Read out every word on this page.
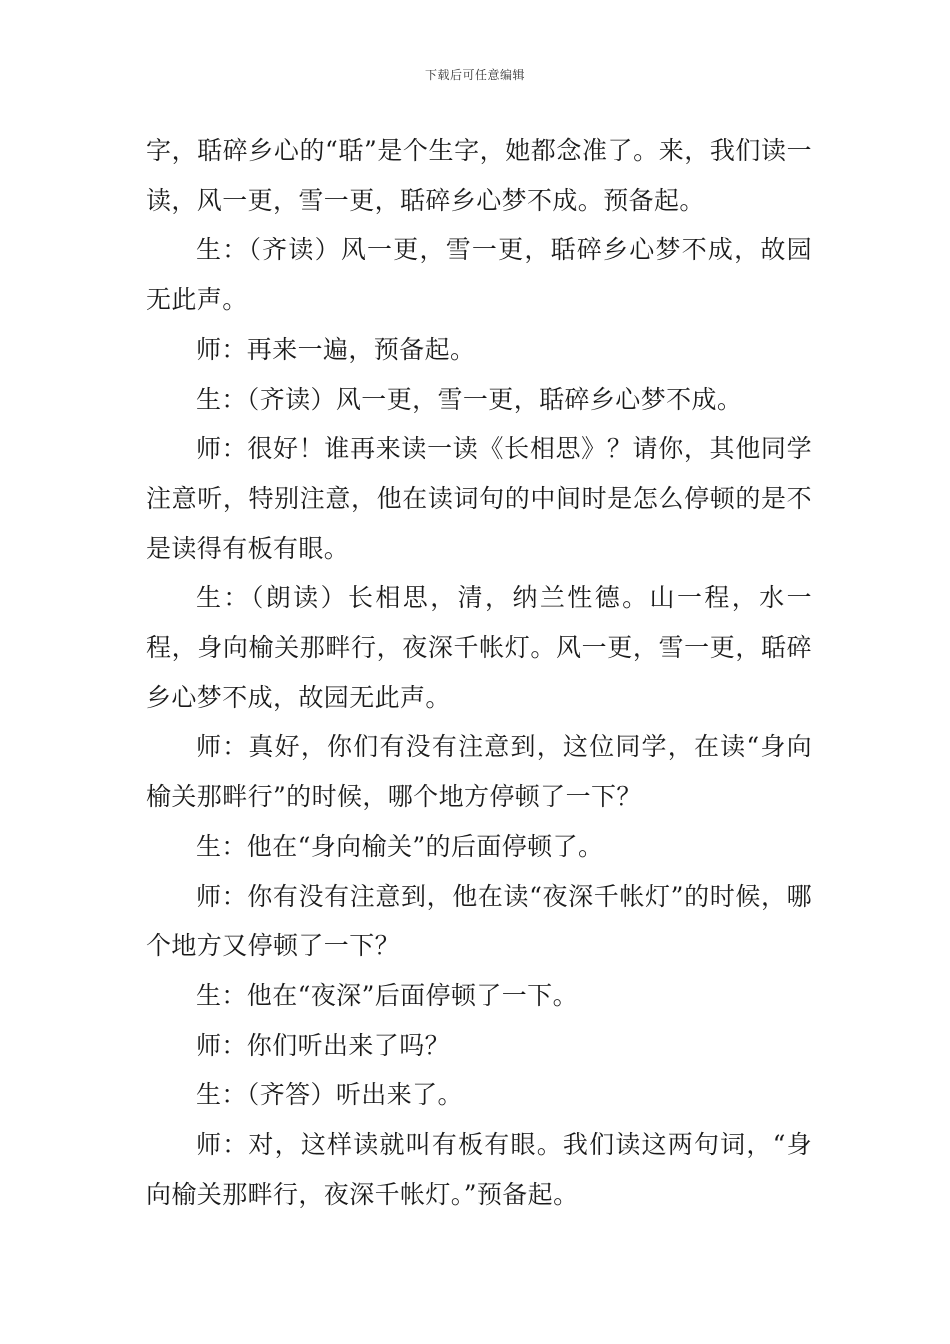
下载后可任意编辑

字，聒碎乡心的“聒”是个生字，她都念准了。来，我们读一读，风一更，雪一更，聒碎乡心梦不成。预备起。

生：（齐读）风一更，雪一更，聒碎乡心梦不成，故园无此声。

师：再来一遍，预备起。

生：（齐读）风一更，雪一更，聒碎乡心梦不成。

师：很好！谁再来读一读《长相思》？请你，其他同学注意听，特别注意，他在读词句的中间时是怎么停顿的是不是读得有板有眼。

生：（朗读）长相思，清，纳兰性德。山一程，水一程，身向榆关那畔行，夜深千帐灯。风一更，雪一更，聒碎乡心梦不成，故园无此声。

师：真好，你们有没有注意到，这位同学，在读“身向榆关那畔行”的时候，哪个地方停顿了一下？

生：他在“身向榆关”的后面停顿了。

师：你有没有注意到，他在读“夜深千帐灯”的时候，哪个地方又停顿了一下？

生：他在“夜深”后面停顿了一下。

师：你们听出来了吗？

生：（齐答）听出来了。

师：对，这样读就叫有板有眼。我们读这两句词，“身向榆关那畔行，夜深千帐灯。”预备起。
